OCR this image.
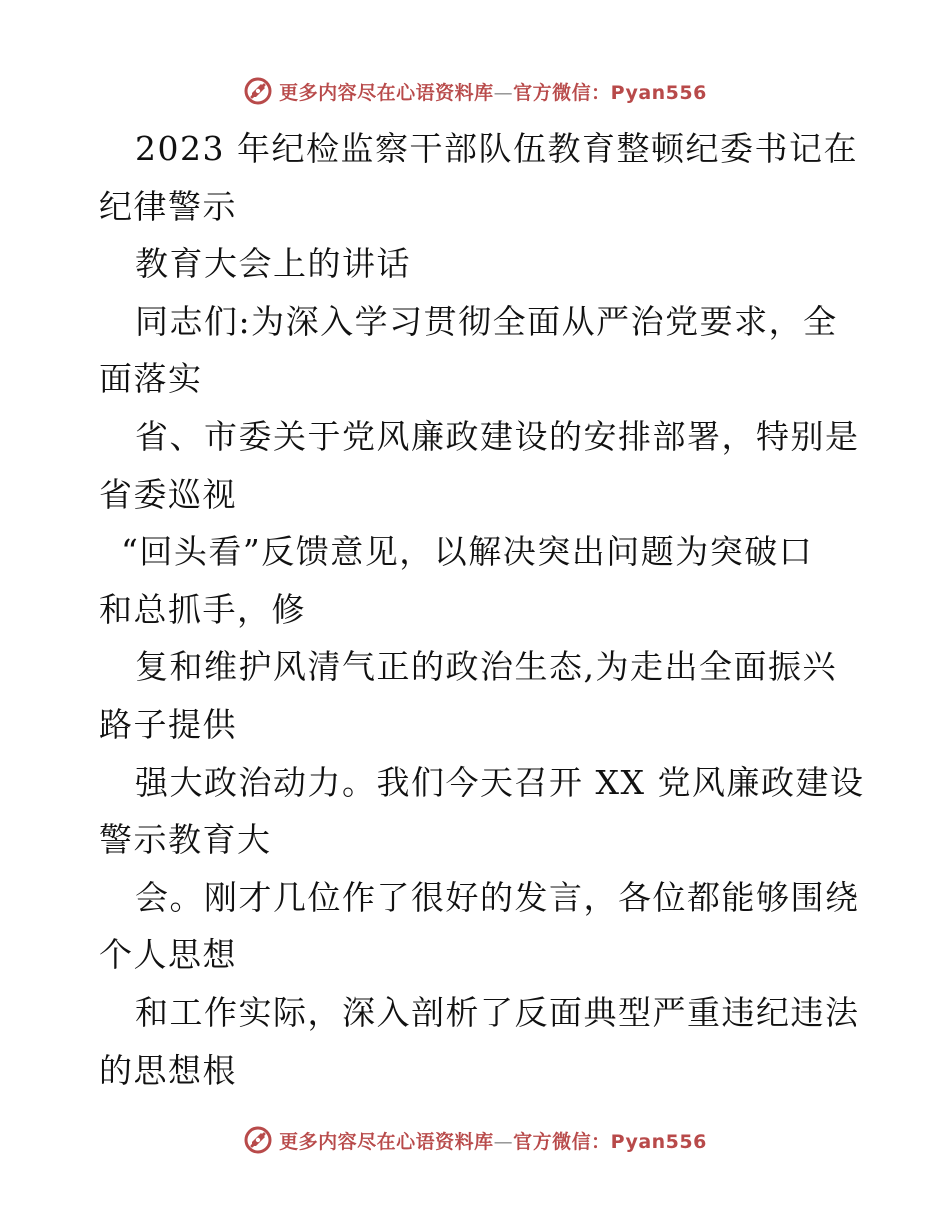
更多内容尽在心语资料库—官方微信：Pyan556
2023 年纪检监察干部队伍教育整顿纪委书记在
纪律警示
教育大会上的讲话
同志们:为深入学习贯彻全面从严治党要求，全
面落实
省、市委关于党风廉政建设的安排部署，特别是
省委巡视
“回头看”反馈意见，以解决突出问题为突破口
和总抓手，修
复和维护风清气正的政治生态,为走出全面振兴
路子提供
强大政治动力。我们今天召开 XX 党风廉政建设
警示教育大
会。刚才几位作了很好的发言，各位都能够围绕
个人思想
和工作实际，深入剖析了反面典型严重违纪违法
的思想根
更多内容尽在心语资料库—官方微信：Pyan556
